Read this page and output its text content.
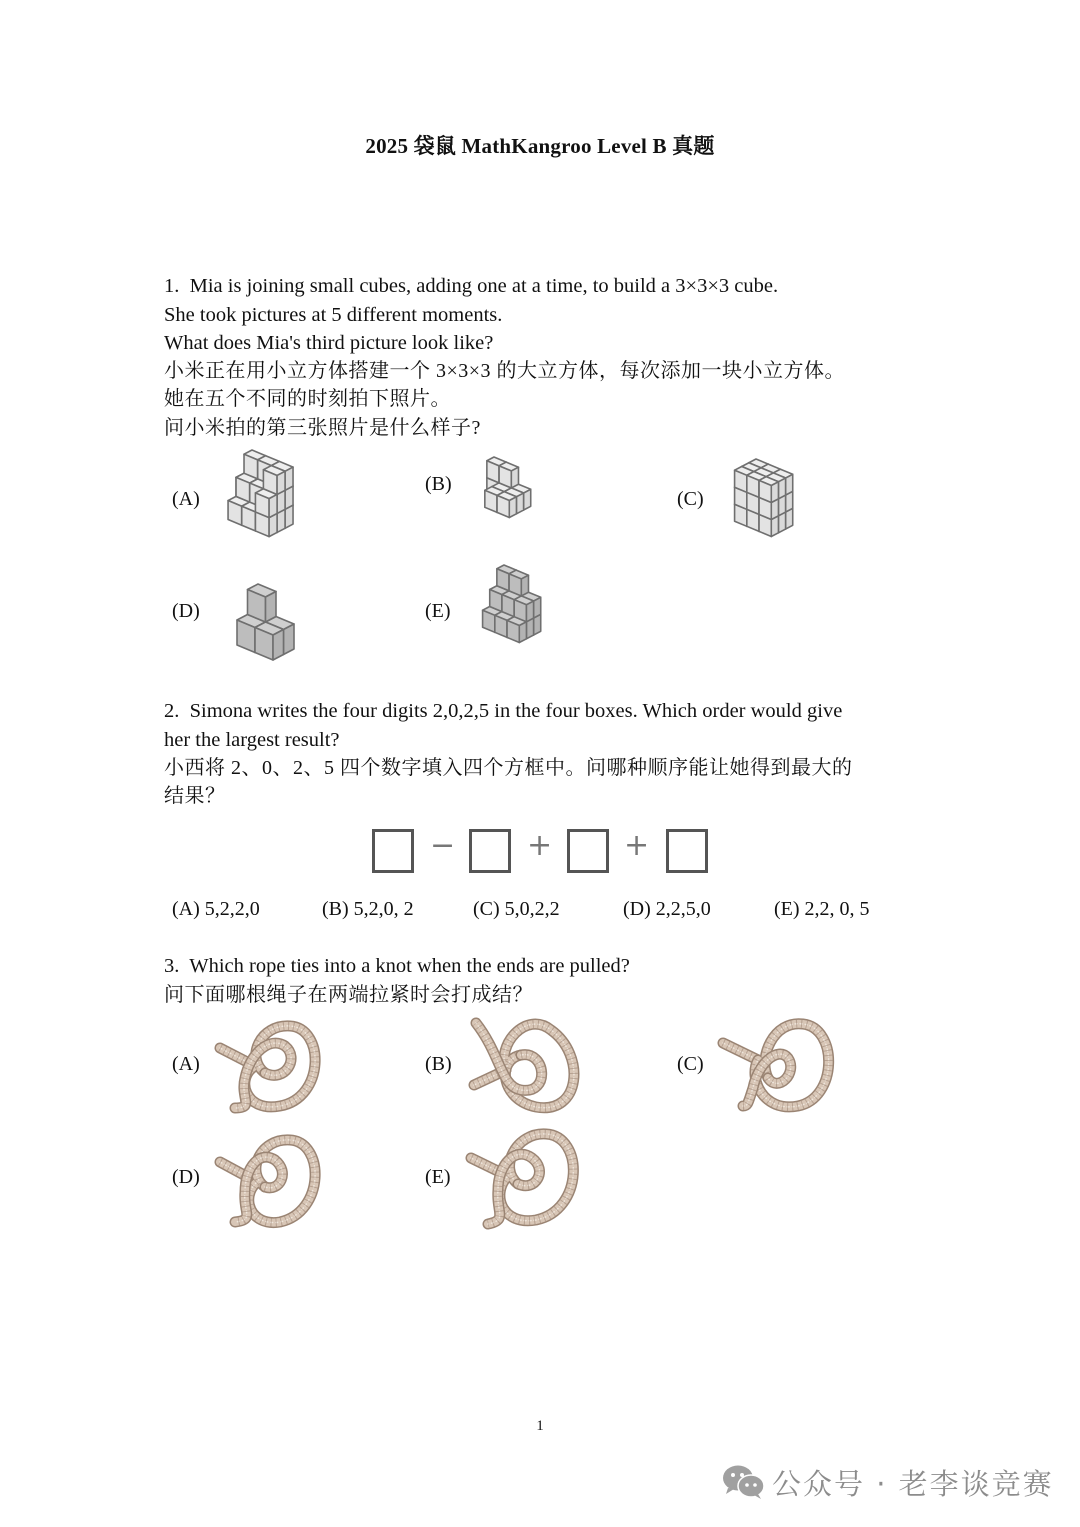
2025 袋鼠 MathKangroo Level B 真题
1. Mia is joining small cubes, adding one at a time, to build a 3×3×3 cube.
She took pictures at 5 different moments.
What does Mia's third picture look like?
小米正在用小立方体搭建一个 3×3×3 的大立方体，每次添加一块小立方体。
她在五个不同的时刻拍下照片。
问小米拍的第三张照片是什么样子?
(A)
(B)
(C)
(D)	(E)
2. Simona writes the four digits 2,0,2,5 in the four boxes. Which order would give
her the largest result?
小西将 2、0、2、5 四个数字填入四个方框中。问哪种顺序能让她得到最大的
结果？
− + +
(A) 5,2,2,0	(B) 5,2,0, 2	(C) 5,0,2,2	(D) 2,2,5,0	(E) 2,2, 0, 5
3. Which rope ties into a knot when the ends are pulled?
问下面哪根绳子在两端拉紧时会打成结？
(A)	(B)	(C)
(D)	(E)
1
公众号 · 老李谈竞赛
